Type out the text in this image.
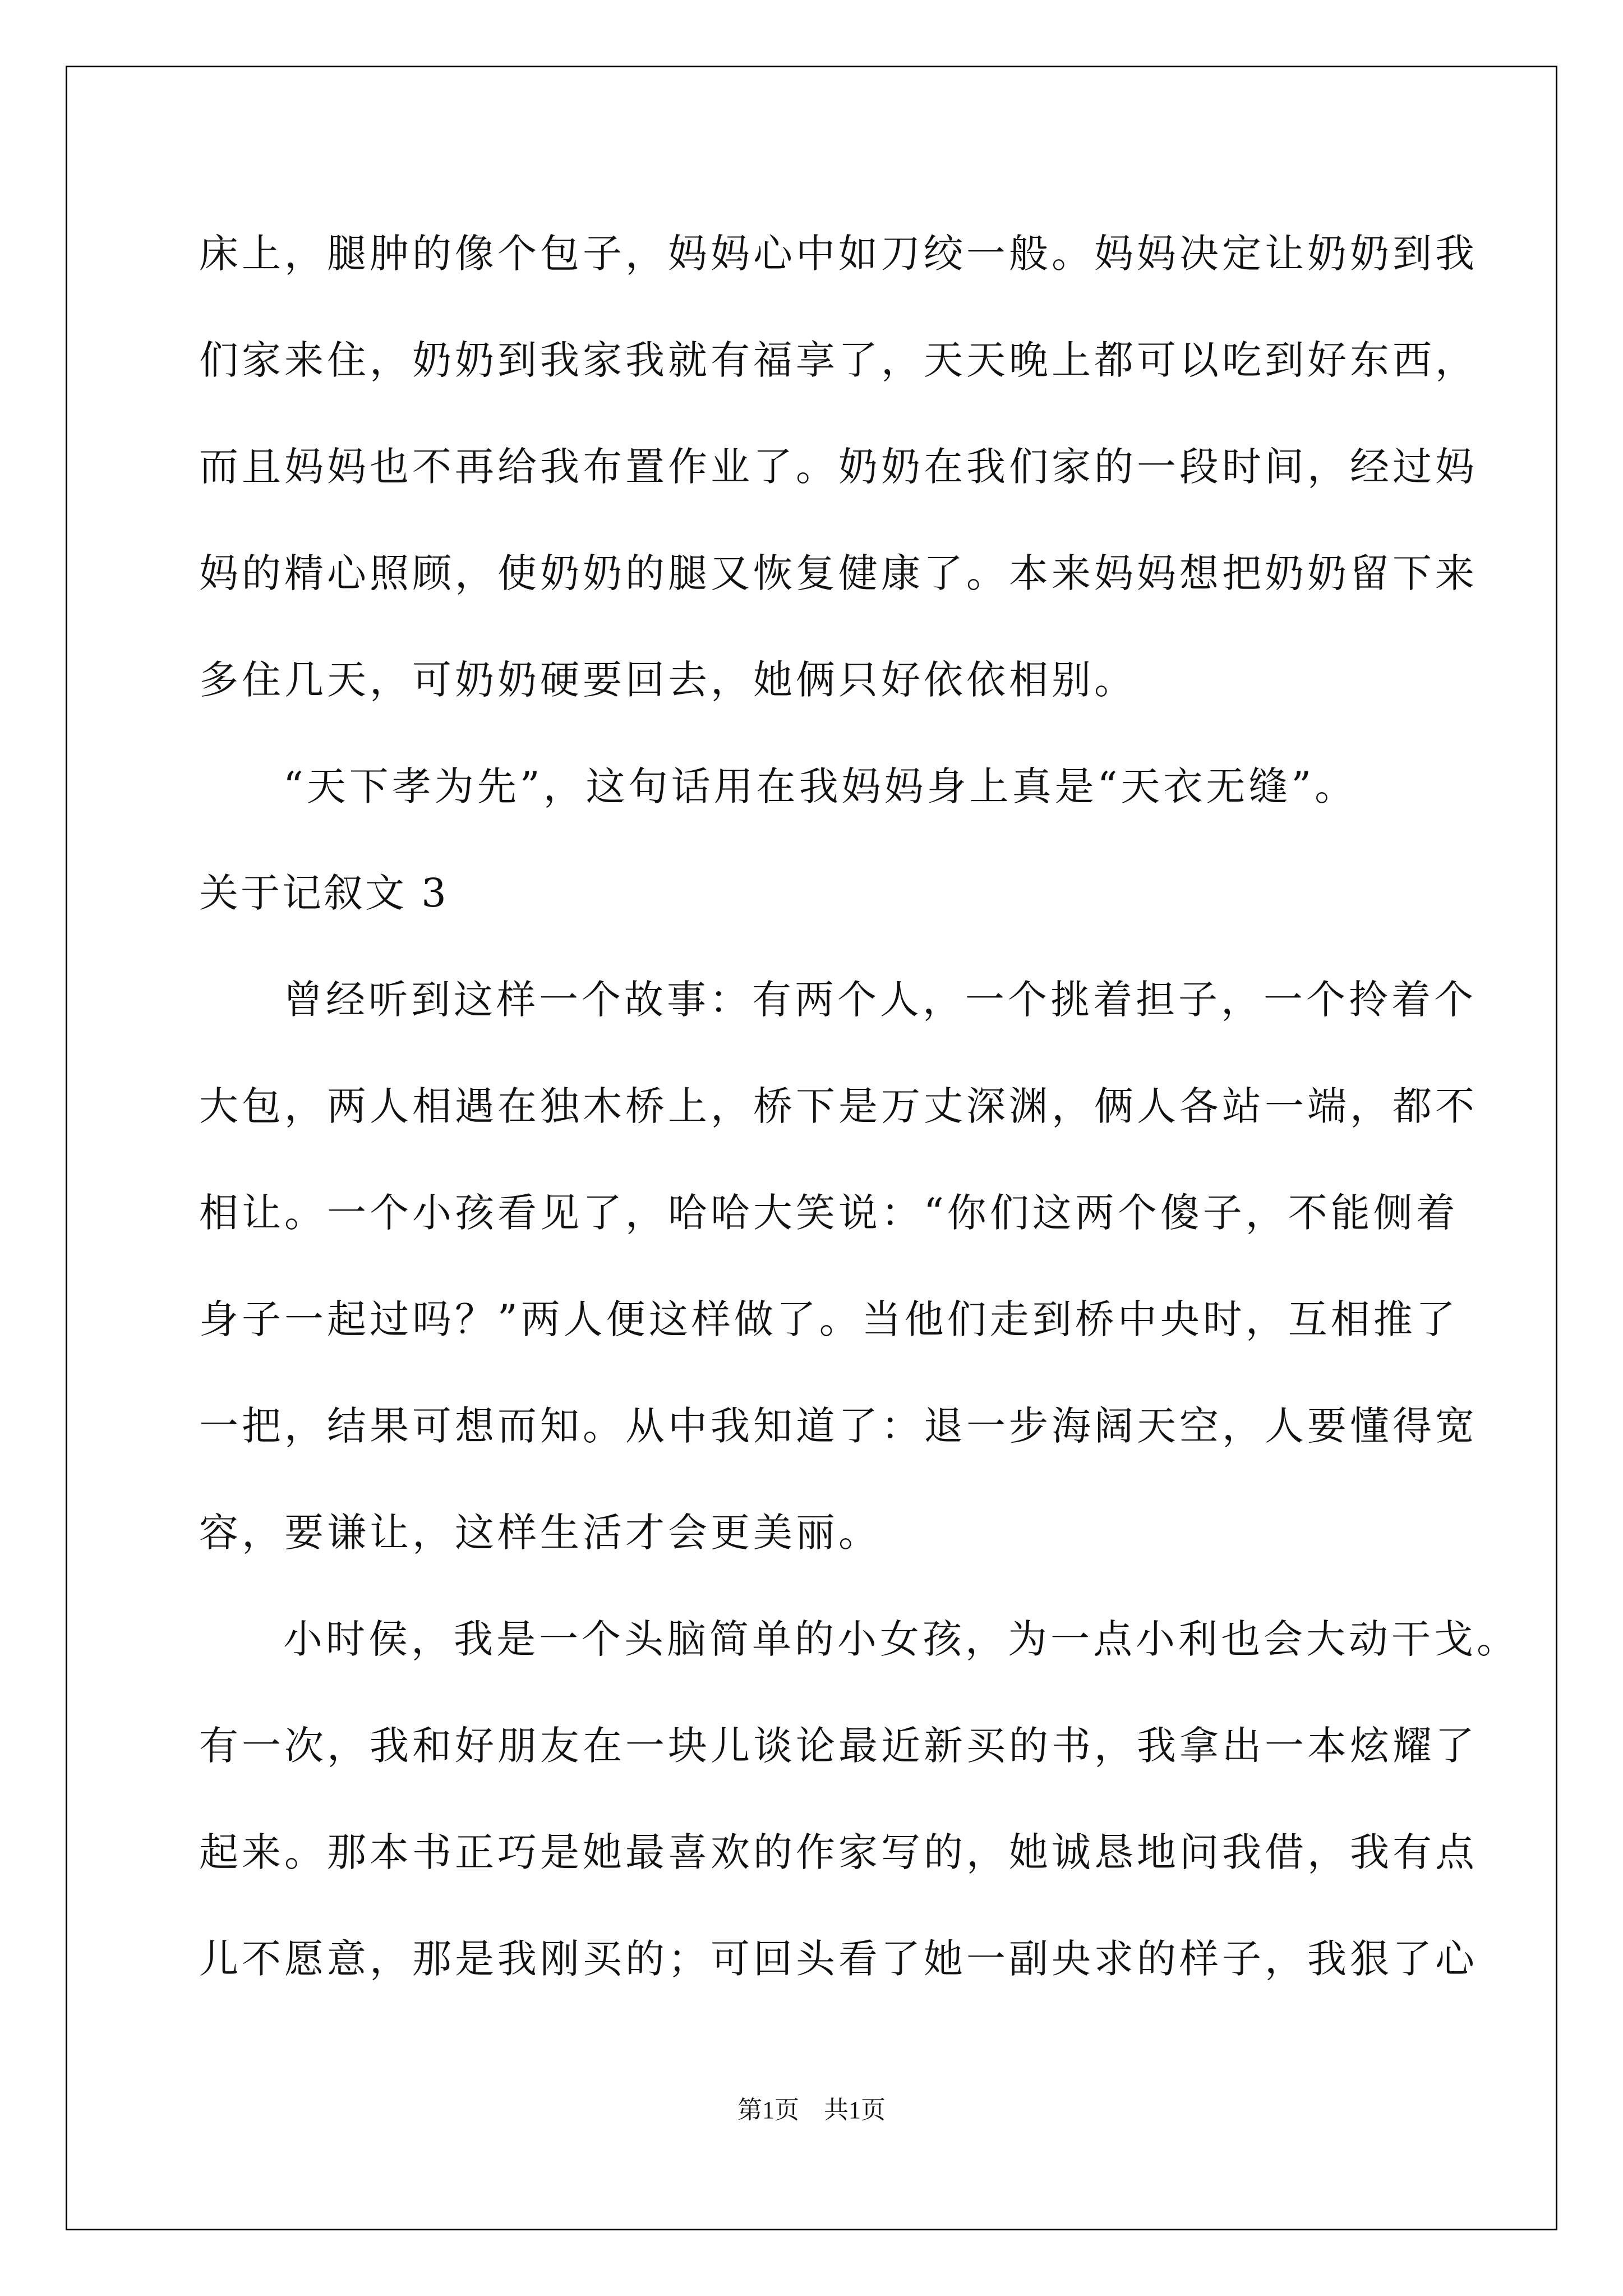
床上，腿肿的像个包子，妈妈心中如刀绞一般。妈妈决定让奶奶到我
们家来住，奶奶到我家我就有福享了，天天晚上都可以吃到好东西，
而且妈妈也不再给我布置作业了。奶奶在我们家的一段时间，经过妈
妈的精心照顾，使奶奶的腿又恢复健康了。本来妈妈想把奶奶留下来
多住几天，可奶奶硬要回去，她俩只好依依相别。
“天下孝为先”，这句话用在我妈妈身上真是“天衣无缝”。
关于记叙文 3
曾经听到这样一个故事：有两个人，一个挑着担子，一个拎着个
大包，两人相遇在独木桥上，桥下是万丈深渊，俩人各站一端，都不
相让。一个小孩看见了，哈哈大笑说：“你们这两个傻子，不能侧着
身子一起过吗？”两人便这样做了。当他们走到桥中央时，互相推了
一把，结果可想而知。从中我知道了：退一步海阔天空，人要懂得宽
容，要谦让，这样生活才会更美丽。
小时侯，我是一个头脑简单的小女孩，为一点小利也会大动干戈。
有一次，我和好朋友在一块儿谈论最近新买的书，我拿出一本炫耀了
起来。那本书正巧是她最喜欢的作家写的，她诚恳地问我借，我有点
儿不愿意，那是我刚买的；可回头看了她一副央求的样子，我狠了心
第1页　共1页
